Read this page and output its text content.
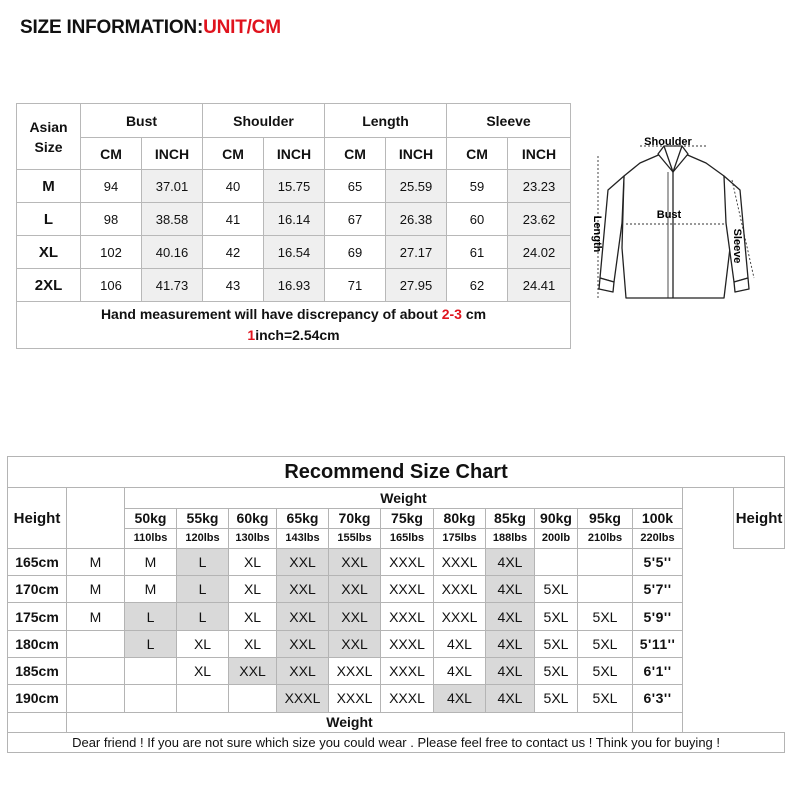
SIZE INFORMATION:UNIT/CM
Asian
Size	Bust		Shoulder		Length		Sleeve	
	CM	INCH	CM	INCH	CM	INCH	CM	INCH
M	94	37.01	40	15.75	65	25.59	59	23.23
L	98	38.58	41	16.14	67	26.38	60	23.62
XL	102	40.16	42	16.54	69	27.17	61	24.02
2XL	106	41.73	43	16.93	71	27.95	62	24.41
Hand measurement will have discrepancy of about 2-3 cm
1inch=2.54cm								
Shoulder
Bust
Length	Sleeve
Recommend Size Chart														
Height		Weight												Height
		50kg	55kg	60kg	65kg	70kg	75kg	80kg	85kg	90kg	95kg	100k		
		110lbs	120lbs	130lbs	143lbs	155lbs	165lbs	175lbs	188lbs	200lb	210lbs	220lbs		
165cm	M	M	L	XL	XXL	XXL	XXXL	XXXL	4XL			5'5''		
170cm	M	M	L	XL	XXL	XXL	XXXL	XXXL	4XL	5XL		5'7''		
175cm	M	L	L	XL	XXL	XXL	XXXL	XXXL	4XL	5XL	5XL	5'9''		
180cm		L	XL	XL	XXL	XXL	XXXL	4XL	4XL	5XL	5XL	5'11''		
185cm			XL	XXL	XXL	XXXL	XXXL	4XL	4XL	5XL	5XL	6'1''		
190cm					XXXL	XXXL	XXXL	4XL	4XL	5XL	5XL	6'3''		
	Weight													
Dear friend ! If you are not sure which size you could wear . Please feel free to contact us ! Think you for buying !														
